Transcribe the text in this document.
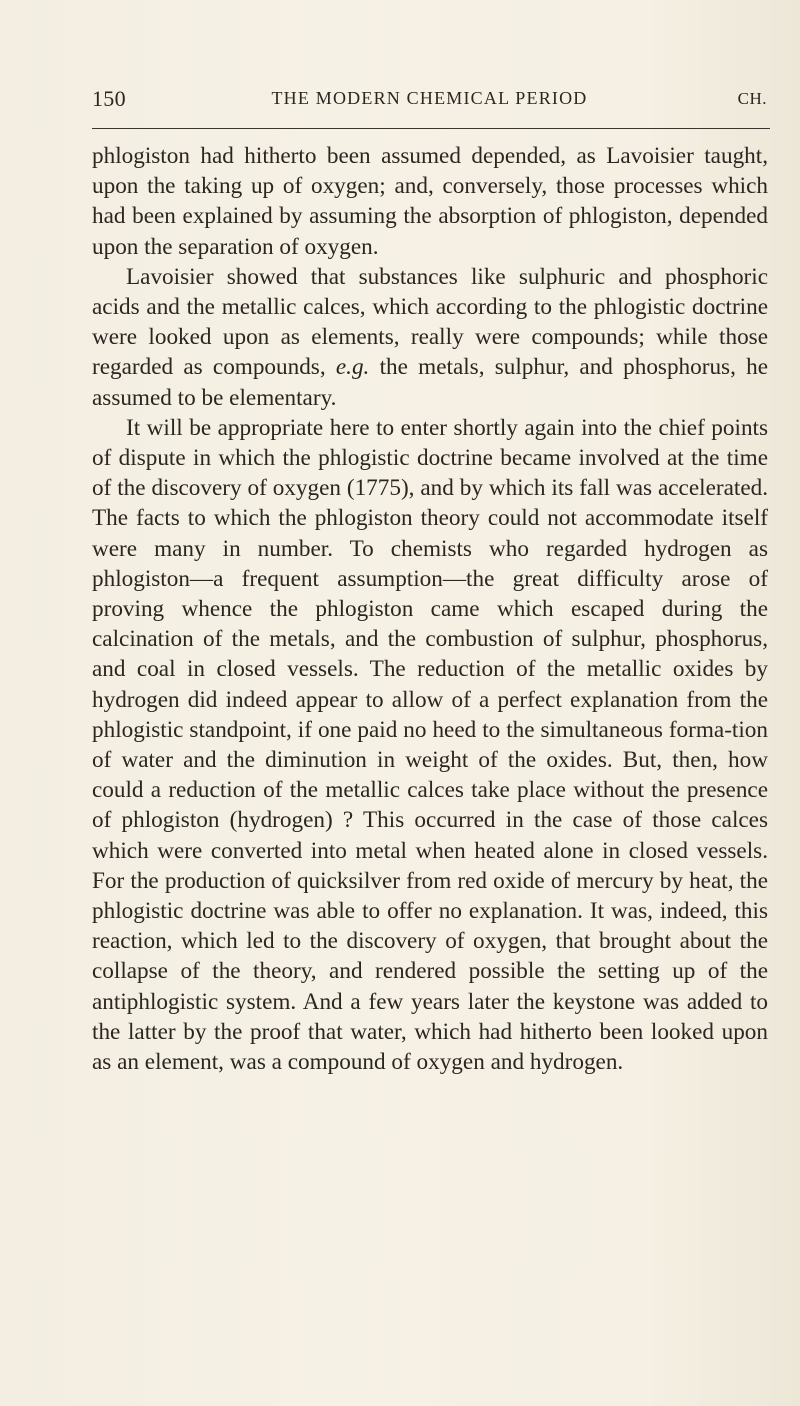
150	THE MODERN CHEMICAL PERIOD	CH.

phlogiston had hitherto been assumed depended, as Lavoisier taught, upon the taking up of oxygen; and, conversely, those processes which had been explained by assuming the absorption of phlogiston, depended upon the separation of oxygen.

Lavoisier showed that substances like sulphuric and phosphoric acids and the metallic calces, which according to the phlogistic doctrine were looked upon as elements, really were compounds; while those regarded as compounds, e.g. the metals, sulphur, and phosphorus, he assumed to be elementary.

It will be appropriate here to enter shortly again into the chief points of dispute in which the phlogistic doctrine became involved at the time of the discovery of oxygen (1775), and by which its fall was accelerated. The facts to which the phlogiston theory could not accommodate itself were many in number. To chemists who regarded hydrogen as phlogiston—a frequent assumption—the great difficulty arose of proving whence the phlogiston came which escaped during the calcination of the metals, and the combustion of sulphur, phosphorus, and coal in closed vessels. The reduction of the metallic oxides by hydrogen did indeed appear to allow of a perfect explanation from the phlogistic standpoint, if one paid no heed to the simultaneous forma-tion of water and the diminution in weight of the oxides. But, then, how could a reduction of the metallic calces take place without the presence of phlogiston (hydrogen) ? This occurred in the case of those calces which were converted into metal when heated alone in closed vessels. For the production of quicksilver from red oxide of mercury by heat, the phlogistic doctrine was able to offer no explanation. It was, indeed, this reaction, which led to the discovery of oxygen, that brought about the collapse of the theory, and rendered possible the setting up of the antiphlogistic system. And a few years later the keystone was added to the latter by the proof that water, which had hitherto been looked upon as an element, was a compound of oxygen and hydrogen.
